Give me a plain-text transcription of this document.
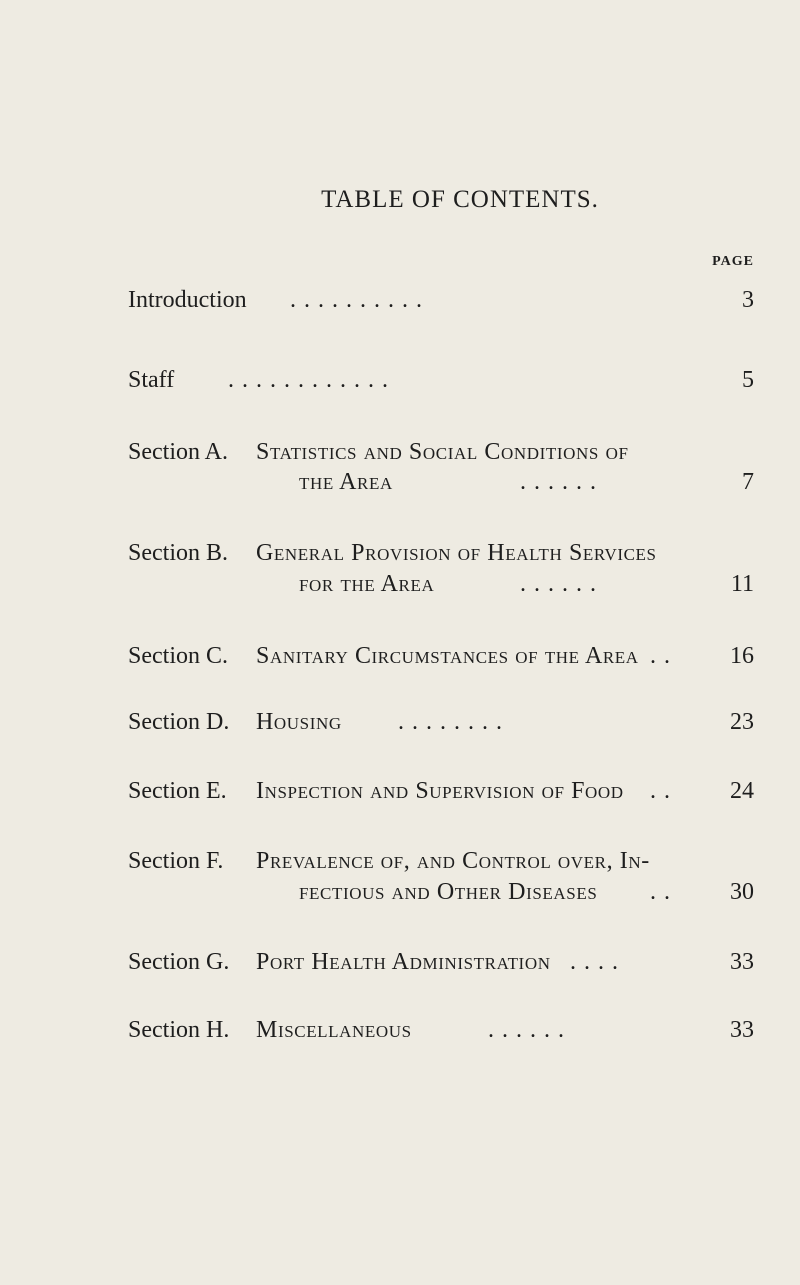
TABLE OF CONTENTS.
PAGE
Introduction . . . . . . . . . .	3
Staff . . . . . . . . . . . .	5
Section A. Statistics and Social Conditions of
the Area	. . . . . .	7
Section B. General Provision of Health Services
for the Area	. . . . . .	11
Section C. Sanitary Circumstances of the Area . .	16
Section D. Housing . . . . . . . .	23
Section E. Inspection and Supervision of Food . .	24
Section F. Prevalence of, and Control over, In-
fectious and Other Diseases . .	30
Section G. Port Health Administration . . . .	33
Section H. Miscellaneous	. . . . . .	33
